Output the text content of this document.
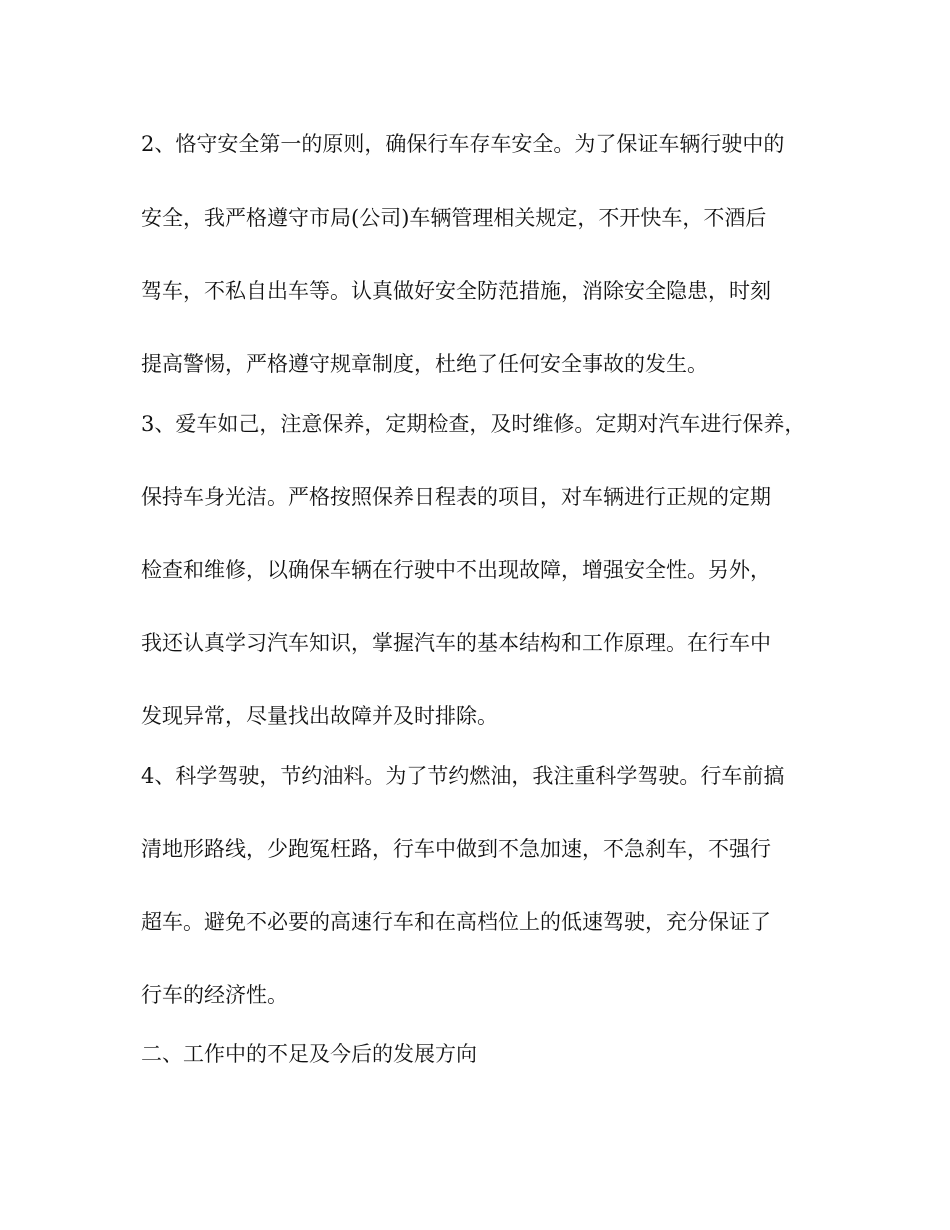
2、恪守安全第一的原则，确保行车存车安全。为了保证车辆行驶中的
安全，我严格遵守市局(公司)车辆管理相关规定，不开快车，不酒后
驾车，不私自出车等。认真做好安全防范措施，消除安全隐患，时刻
提高警惕，严格遵守规章制度，杜绝了任何安全事故的发生。
3、爱车如己，注意保养，定期检查，及时维修。定期对汽车进行保养，
保持车身光洁。严格按照保养日程表的项目，对车辆进行正规的定期
检查和维修，以确保车辆在行驶中不出现故障，增强安全性。另外，
我还认真学习汽车知识，掌握汽车的基本结构和工作原理。在行车中
发现异常，尽量找出故障并及时排除。
4、科学驾驶，节约油料。为了节约燃油，我注重科学驾驶。行车前搞
清地形路线，少跑冤枉路，行车中做到不急加速，不急刹车，不强行
超车。避免不必要的高速行车和在高档位上的低速驾驶，充分保证了
行车的经济性。
二、工作中的不足及今后的发展方向
